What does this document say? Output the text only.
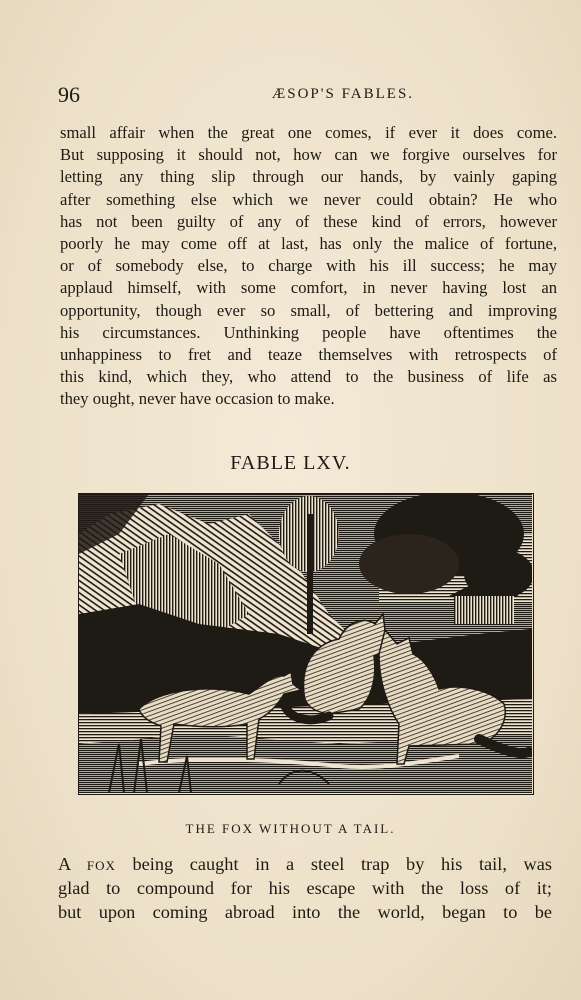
96	ÆSOP'S FABLES.
small affair when the great one comes, if ever it does come.
But supposing it should not, how can we forgive ourselves for
letting any thing slip through our hands, by vainly gaping
after something else which we never could obtain? He who
has not been guilty of any of these kind of errors, however
poorly he may come off at last, has only the malice of fortune,
or of somebody else, to charge with his ill success; he may
applaud himself, with some comfort, in never having lost an
opportunity, though ever so small, of bettering and improving
his circumstances. Unthinking people have oftentimes the
unhappiness to fret and teaze themselves with retrospects of
this kind, which they, who attend to the business of life as
they ought, never have occasion to make.
FABLE LXV.
THE FOX WITHOUT A TAIL.
A fox being caught in a steel trap by his tail, was
glad to compound for his escape with the loss of it;
but upon coming abroad into the world, began to be
